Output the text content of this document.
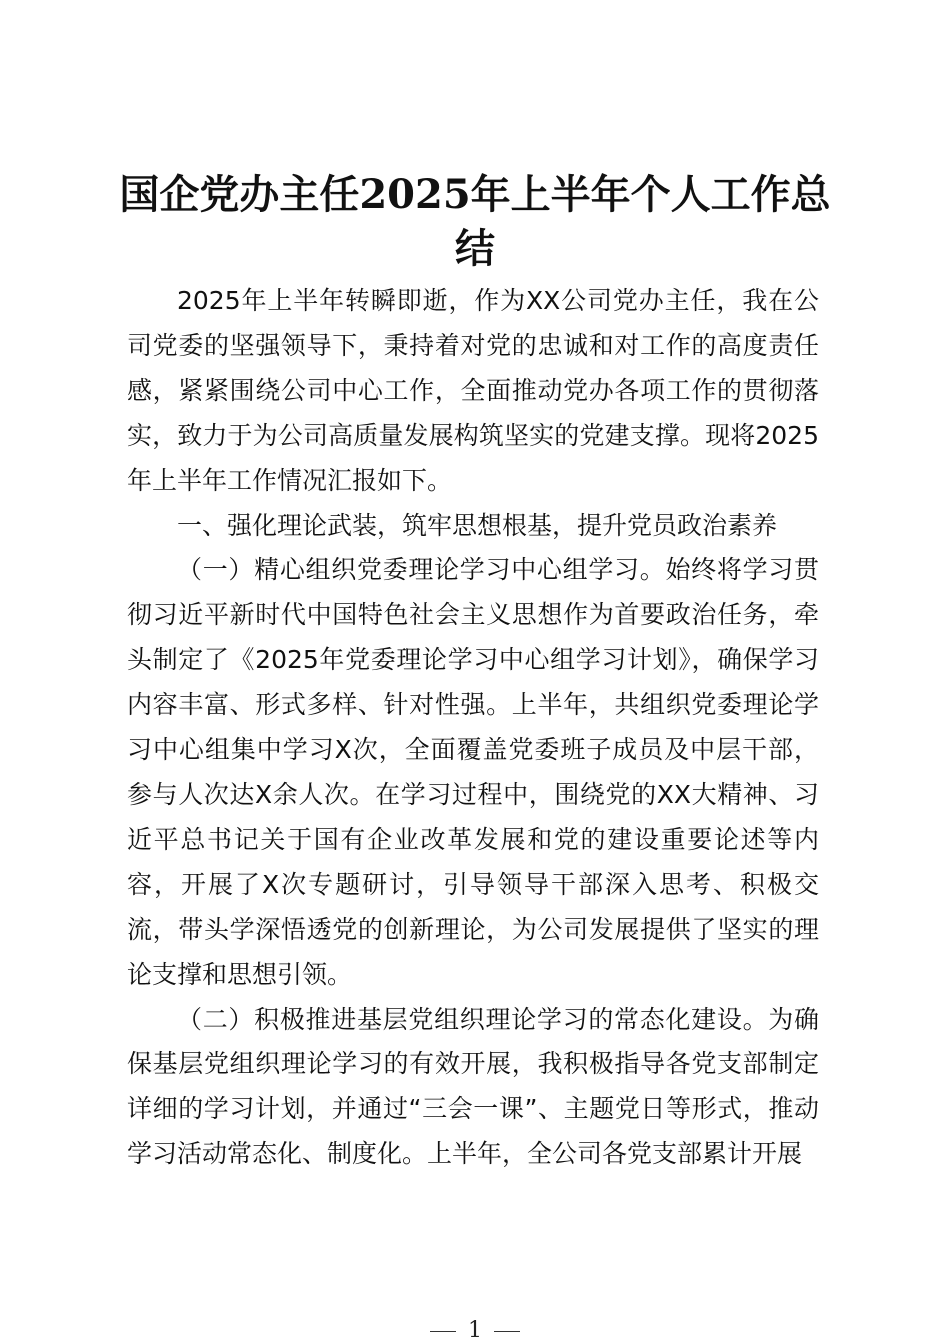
国企党办主任2025年上半年个人工作总结

2025年上半年转瞬即逝，作为XX公司党办主任，我在公司党委的坚强领导下，秉持着对党的忠诚和对工作的高度责任感，紧紧围绕公司中心工作，全面推动党办各项工作的贯彻落实，致力于为公司高质量发展构筑坚实的党建支撑。现将2025年上半年工作情况汇报如下。

一、强化理论武装，筑牢思想根基，提升党员政治素养

（一）精心组织党委理论学习中心组学习。始终将学习贯彻习近平新时代中国特色社会主义思想作为首要政治任务，牵头制定了《2025年党委理论学习中心组学习计划》，确保学习内容丰富、形式多样、针对性强。上半年，共组织党委理论学习中心组集中学习X次，全面覆盖党委班子成员及中层干部，参与人次达X余人次。在学习过程中，围绕党的XX大精神、习近平总书记关于国有企业改革发展和党的建设重要论述等内容，开展了X次专题研讨，引导领导干部深入思考、积极交流，带头学深悟透党的创新理论，为公司发展提供了坚实的理论支撑和思想引领。

（二）积极推进基层党组织理论学习的常态化建设。为确保基层党组织理论学习的有效开展，我积极指导各党支部制定详细的学习计划，并通过“三会一课”、主题党日等形式，推动学习活动常态化、制度化。上半年，全公司各党支部累计开展

1
